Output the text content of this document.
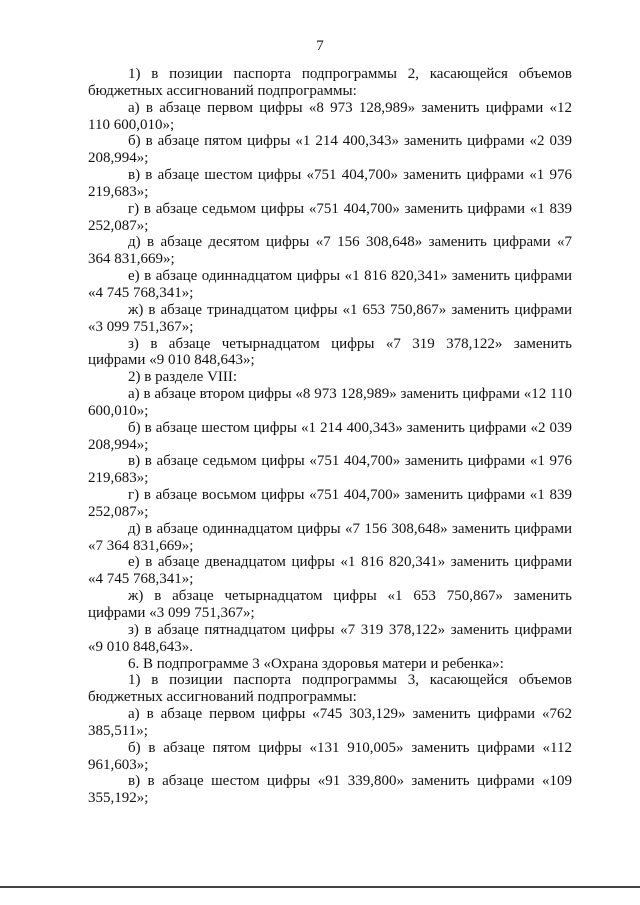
7

1) в позиции паспорта подпрограммы 2, касающейся объемов бюджетных ассигнований подпрограммы:

а) в абзаце первом цифры «8 973 128,989» заменить цифрами «12 110 600,010»;

б) в абзаце пятом цифры «1 214 400,343» заменить цифрами «2 039 208,994»;

в) в абзаце шестом цифры «751 404,700» заменить цифрами «1 976 219,683»;

г) в абзаце седьмом цифры «751 404,700» заменить цифрами «1 839 252,087»;

д) в абзаце десятом цифры «7 156 308,648» заменить цифрами «7 364 831,669»;

е) в абзаце одиннадцатом цифры «1 816 820,341» заменить цифрами «4 745 768,341»;

ж) в абзаце тринадцатом цифры «1 653 750,867» заменить цифрами «3 099 751,367»;

з) в абзаце четырнадцатом цифры «7 319 378,122» заменить цифрами «9 010 848,643»;

2) в разделе VIII:

а) в абзаце втором цифры «8 973 128,989» заменить цифрами «12 110 600,010»;

б) в абзаце шестом цифры «1 214 400,343» заменить цифрами «2 039 208,994»;

в) в абзаце седьмом цифры «751 404,700» заменить цифрами «1 976 219,683»;

г) в абзаце восьмом цифры «751 404,700» заменить цифрами «1 839 252,087»;

д) в абзаце одиннадцатом цифры «7 156 308,648» заменить цифрами «7 364 831,669»;

е) в абзаце двенадцатом цифры «1 816 820,341» заменить цифрами «4 745 768,341»;

ж) в абзаце четырнадцатом цифры «1 653 750,867» заменить цифрами «3 099 751,367»;

з) в абзаце пятнадцатом цифры «7 319 378,122» заменить цифрами «9 010 848,643».

6. В подпрограмме 3 «Охрана здоровья матери и ребенка»:

1) в позиции паспорта подпрограммы 3, касающейся объемов бюджетных ассигнований подпрограммы:

а) в абзаце первом цифры «745 303,129» заменить цифрами «762 385,511»;

б) в абзаце пятом цифры «131 910,005» заменить цифрами «112 961,603»;

в) в абзаце шестом цифры «91 339,800» заменить цифрами «109 355,192»;
